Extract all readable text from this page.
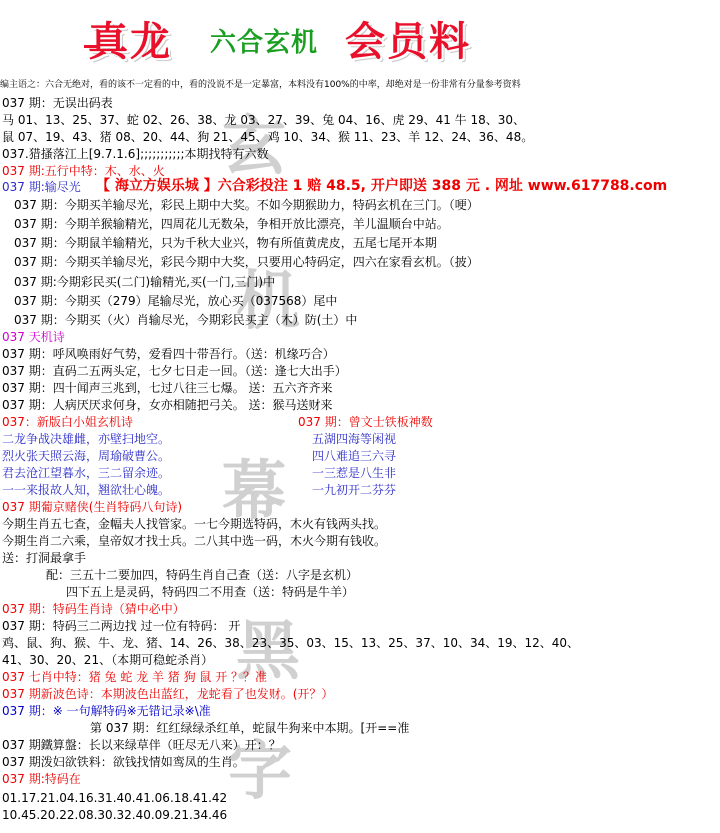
真龙 六合玄机 会员料
编主语之：六合无绝对，看的该不一定看的中，看的没说不是一定暴富，本料没有100%的中率，却绝对是一份非常有分量参考资料
玄
机
幕
黑
字
037 期：无误出码表
马 01、13、25、37、蛇 02、26、38、龙 03、27、39、兔 04、16、虎 29、41 牛 18、30、
鼠 07、19、43、猪 08、20、44、狗 21、45、鸡 10、34、猴 11、23、羊 12、24、36、48。
037.猎搔落江上[9.7.1.6];;;;;;;;;;;本期找特有六数
037 期:五行中特：木、水、火
037 期:输尽光 【 海立方娱乐城 】六合彩投注 1 赔 48.5, 开户即送 388 元 . 网址 www.617788.com
037 期：今期买羊输尽光，彩民上期中大奖。不如今期猴助力，特码玄机在三门。（哽）
037 期：今期羊猴输精光，四周花儿无数朵，争相开放比漂亮，羊儿温顺台中站。
037 期：今期鼠羊输精光，只为千秋大业兴，物有所值黄虎皮，五尾七尾开本期
037 期：今期买羊输尽光，彩民今期中大奖，只要用心特码定，四六在家看玄机。（披）
037 期:今期彩民买(二门)输精光,买(一门,三门)中
037 期：今期买（279）尾输尽光，放心买（037568）尾中
037 期：今期买（火）肖输尽光，今期彩民买主（木）防(土）中
037 天机诗
037 期：呼风唤雨好气势，爱看四十带吾行。（送：机缘巧合）
037 期：直码二五两头定，七夕七日走一回。（送：逢七大出手）
037 期：四十闻声三兆到，七过八往三七爆。 送：五六齐齐来
037 期：人病厌厌求何身，女亦相随把弓关。 送：猴马送财来
037：新版白小姐玄机诗
二龙争战决雄雌，亦壁扫地空。
烈火张天照云海，周瑜破曹公。
君去沧江望暮水，三二留余迹。
一一来报故人知，翘欲壮心魄。
037 期：曾文士铁板神数
五湖四海等闲视
四八难追三六寻
一三惹是八生非
一九初开二芬芬
037 期葡京赌侠(生肖特码八句诗)
今期生肖五七查，金幅夫人找管家。一七今期选特码，木火有钱两头找。
今期生肖二六乘，皇帝奴才找士兵。二八其中选一码，木火今期有钱收。
送：打洞最拿手
配：三五十二要加四，特码生肖自己查（送：八字是玄机）
四下五上是灵码，特码四二不用查（送：特码是牛羊）
037 期：特码生肖诗（猜中必中）
037 期：特码三二两边找 过一位有特码： 开
鸡、鼠、狗、猴、牛、龙、猪、14、26、38、23、35、03、15、13、25、37、10、34、19、12、40、
41、30、20、21、（本期可稳蛇杀肖）
037 七肖中特：猪 兔 蛇 龙 羊 猪 狗 鼠 开 ？？准
037 期新波色诗：本期波色出蓝红，龙蛇看了也发财。(开？）
037 期：※ 一句解特码※无错记录※\准
第 037 期：红红绿绿杀红单，蛇鼠牛狗来中本期。[开==准
037 期鐵算盤：长以来绿草伴（旺尽无八来）开：？
037 期泼妇欲铁料：欲钱找情如鸾凤的生肖。
037 期:特码在
01.17.21.04.16.31.40.41.06.18.41.42
10.45.20.22.08.30.32.40.09.21.34.46
